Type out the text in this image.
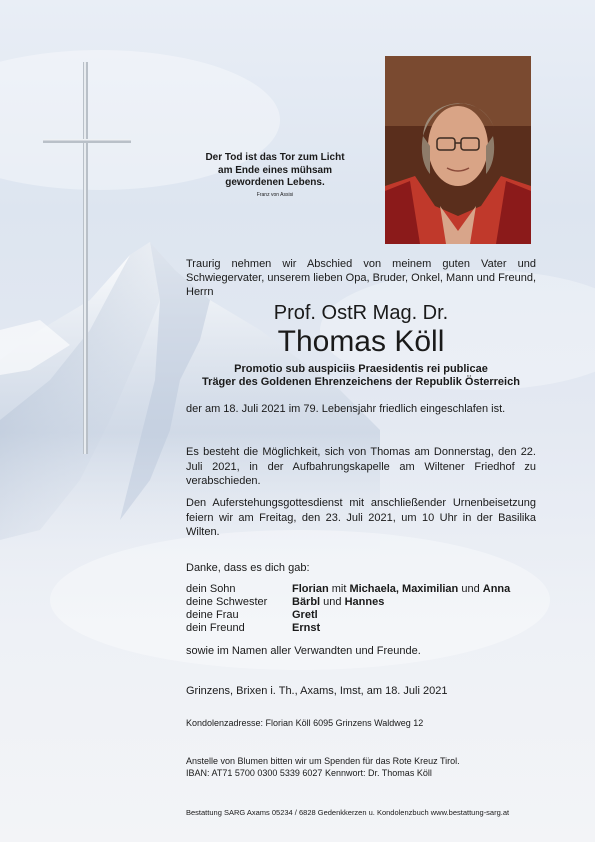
Der Tod ist das Tor zum Licht
am Ende eines mühsam
gewordenen Lebens.
Franz von Assisi
Traurig nehmen wir Abschied von meinem guten Vater und Schwiegervater, unserem lieben Opa, Bruder, Onkel, Mann und Freund, Herrn
Prof. OstR Mag. Dr.
Thomas Köll
Promotio sub auspiciis Praesidentis rei publicae
Träger des Goldenen Ehrenzeichens der Republik Österreich
der am 18. Juli 2021 im 79. Lebensjahr friedlich eingeschlafen ist.
Es besteht die Möglichkeit, sich von Thomas am Donnerstag, den 22. Juli 2021, in der Aufbahrungskapelle am Wiltener Friedhof zu verabschieden.
Den Auferstehungsgottesdienst mit anschließender Urnenbeisetzung feiern wir am Freitag, den 23. Juli 2021, um 10 Uhr in der Basilika Wilten.
Danke, dass es dich gab:
dein Sohn	Florian mit Michaela, Maximilian und Anna
deine Schwester	Bärbl und Hannes
deine Frau	Gretl
dein Freund	Ernst
sowie im Namen aller Verwandten und Freunde.
Grinzens, Brixen i. Th., Axams, Imst, am 18. Juli 2021
Kondolenzadresse: Florian Köll 6095 Grinzens Waldweg 12
Anstelle von Blumen bitten wir um Spenden für das Rote Kreuz Tirol.
IBAN: AT71 5700 0300 5339 6027 Kennwort: Dr. Thomas Köll
Bestattung SARG Axams 05234 / 6828 Gedenkkerzen u. Kondolenzbuch www.bestattung-sarg.at
